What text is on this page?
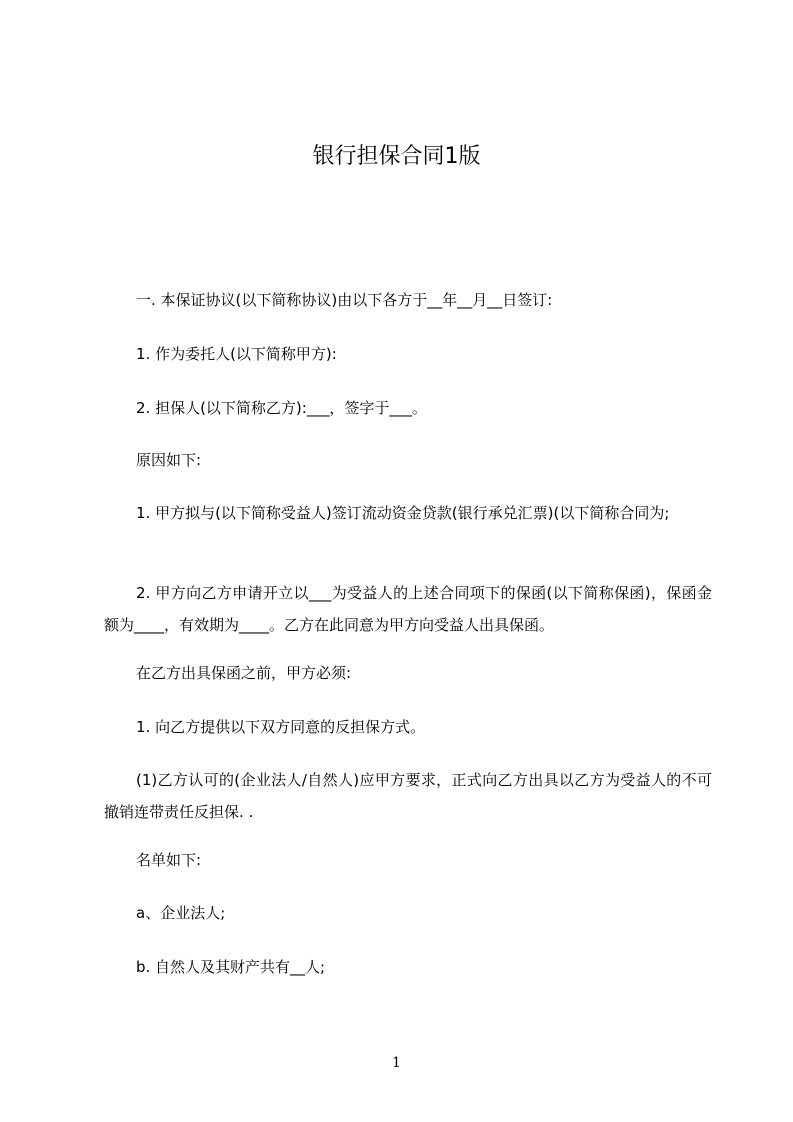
银行担保合同1版

一. 本保证协议(以下简称协议)由以下各方于__年__月__日签订:

1. 作为委托人(以下简称甲方):

2. 担保人(以下简称乙方):___，签字于___。

原因如下:

1. 甲方拟与(以下简称受益人)签订流动资金贷款(银行承兑汇票)(以下简称合同为;

2. 甲方向乙方申请开立以___为受益人的上述合同项下的保函(以下简称保函)，保函金额为____，有效期为____。乙方在此同意为甲方向受益人出具保函。

在乙方出具保函之前，甲方必须:

1. 向乙方提供以下双方同意的反担保方式。

(1)乙方认可的(企业法人/自然人)应甲方要求，正式向乙方出具以乙方为受益人的不可撤销连带责任反担保. .

名单如下:

a、企业法人;

b. 自然人及其财产共有__人;

1
